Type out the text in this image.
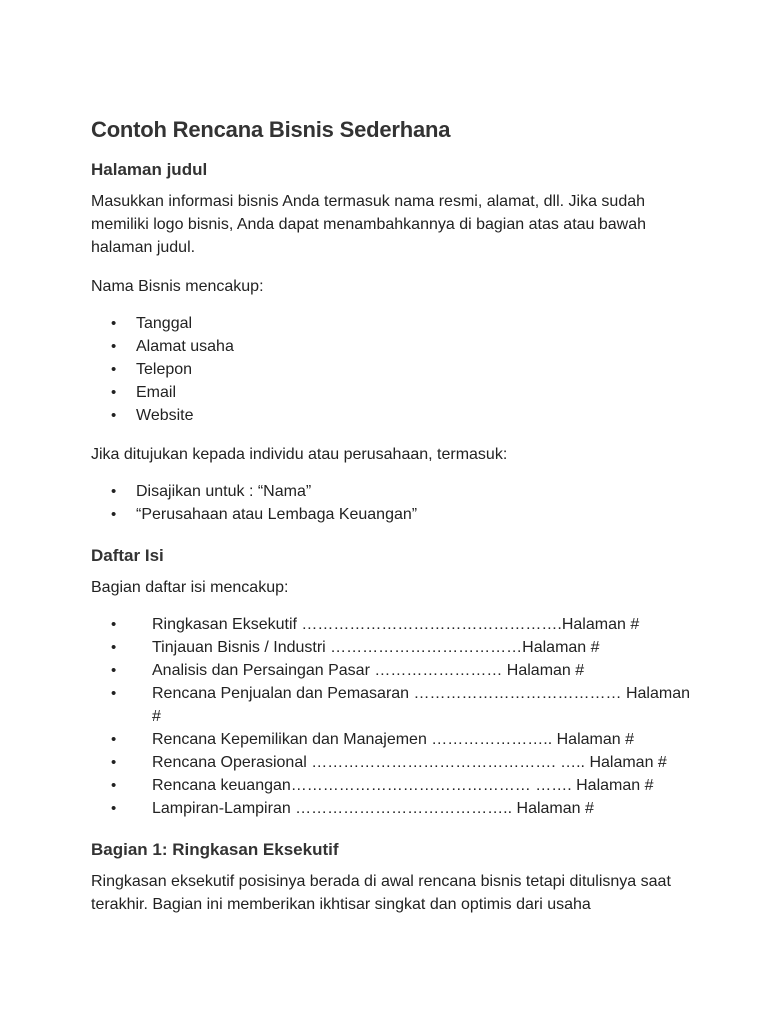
Contoh Rencana Bisnis Sederhana
Halaman judul

Masukkan informasi bisnis Anda termasuk nama resmi, alamat, dll. Jika sudah memiliki logo bisnis, Anda dapat menambahkannya di bagian atas atau bawah halaman judul.

Nama Bisnis mencakup:

• Tanggal
• Alamat usaha
• Telepon
• Email
• Website

Jika ditujukan kepada individu atau perusahaan, termasuk:

• Disajikan untuk : “Nama”
• “Perusahaan atau Lembaga Keuangan”
Daftar Isi

Bagian daftar isi mencakup:

• Ringkasan Eksekutif ………………………………………….Halaman #
• Tinjauan Bisnis / Industri ………………………………Halaman #
• Analisis dan Persaingan Pasar …………………… Halaman #
• Rencana Penjualan dan Pemasaran ………………………………… Halaman #
• Rencana Kepemilikan dan Manajemen ………………….. Halaman #
• Rencana Operasional ………………………………………. ….. Halaman #
• Rencana keuangan……………………………………… ……. Halaman #
• Lampiran-Lampiran ………………………………….. Halaman #
Bagian 1: Ringkasan Eksekutif

Ringkasan eksekutif posisinya berada di awal rencana bisnis tetapi ditulisnya saat terakhir. Bagian ini memberikan ikhtisar singkat dan optimis dari usaha
